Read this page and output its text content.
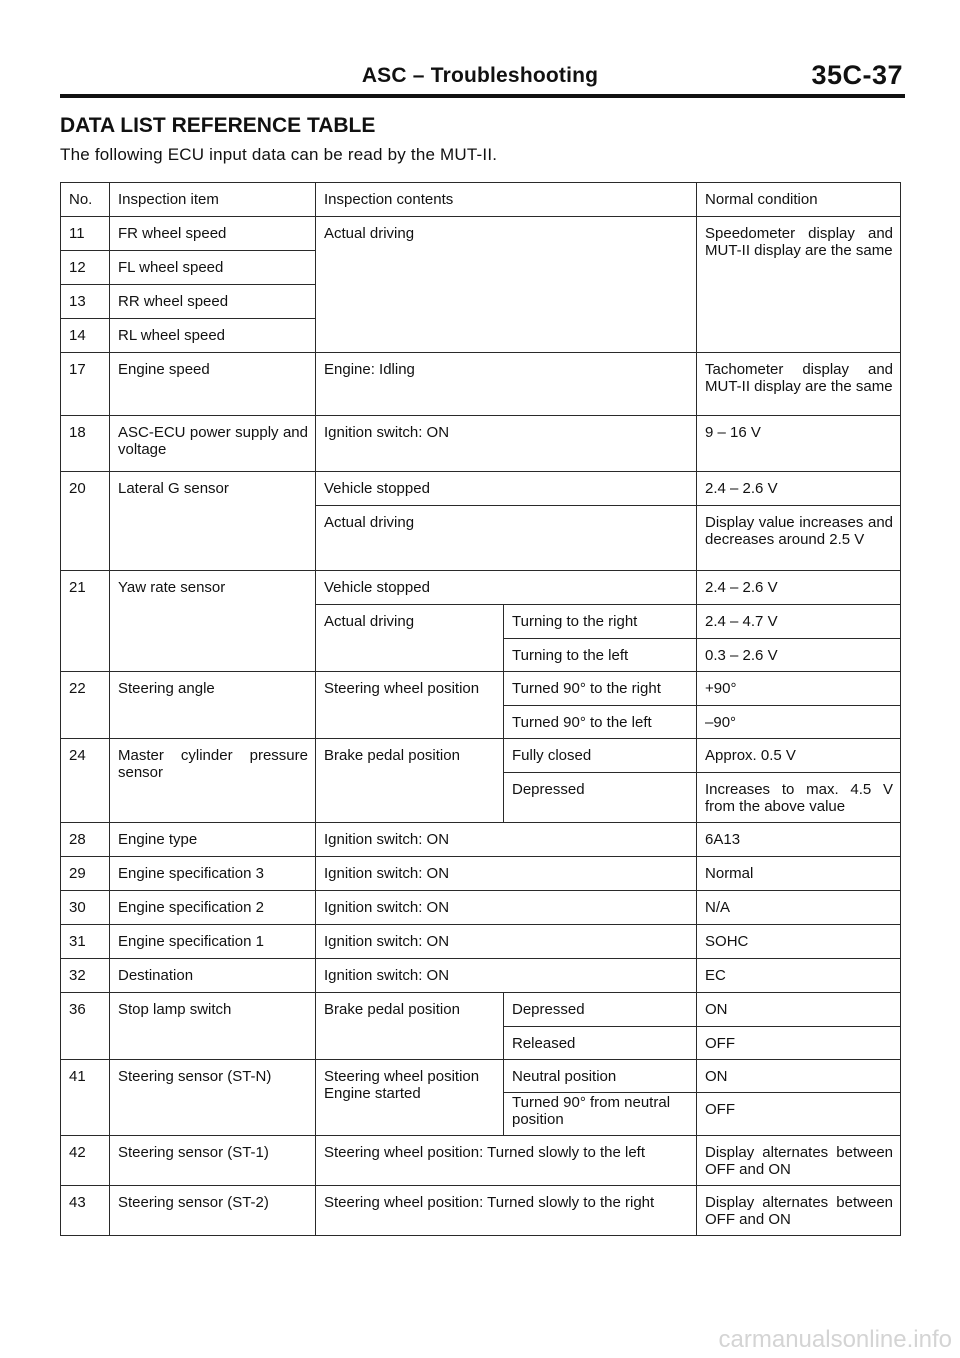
ASC – Troubleshooting	35C-37
DATA LIST REFERENCE TABLE
The following ECU input data can be read by the MUT-II.
No.	Inspection item	Inspection contents		Normal condition
11	FR wheel speed	Actual driving		Speedometer display and MUT-II display are the same
12	FL wheel speed			
13	RR wheel speed			
14	RL wheel speed			
17	Engine speed	Engine: Idling		Tachometer display and MUT-II display are the same
18	ASC-ECU power supply and voltage	Ignition switch: ON		9 – 16 V
20	Lateral G sensor	Vehicle stopped		2.4 – 2.6 V
		Actual driving		Display value increases and decreases around 2.5 V
21	Yaw rate sensor	Vehicle stopped		2.4 – 2.6 V
		Actual driving	Turning to the right	2.4 – 4.7 V
			Turning to the left	0.3 – 2.6 V
22	Steering angle	Steering wheel position	Turned 90° to the right	+90°
			Turned 90° to the left	–90°
24	Master cylinder pressure sensor	Brake pedal position	Fully closed	Approx. 0.5 V
			Depressed	Increases to max. 4.5 V from the above value
28	Engine type	Ignition switch: ON		6A13
29	Engine specification 3	Ignition switch: ON		Normal
30	Engine specification 2	Ignition switch: ON		N/A
31	Engine specification 1	Ignition switch: ON		SOHC
32	Destination	Ignition switch: ON		EC
36	Stop lamp switch	Brake pedal position	Depressed	ON
			Released	OFF
41	Steering sensor (ST-N)	Steering wheel position Engine started	Neutral position	ON
			Turned 90° from neutral position	OFF
42	Steering sensor (ST-1)	Steering wheel position: Turned slowly to the left		Display alternates between OFF and ON
43	Steering sensor (ST-2)	Steering wheel position: Turned slowly to the right		Display alternates between OFF and ON
carmanualsonline.info
